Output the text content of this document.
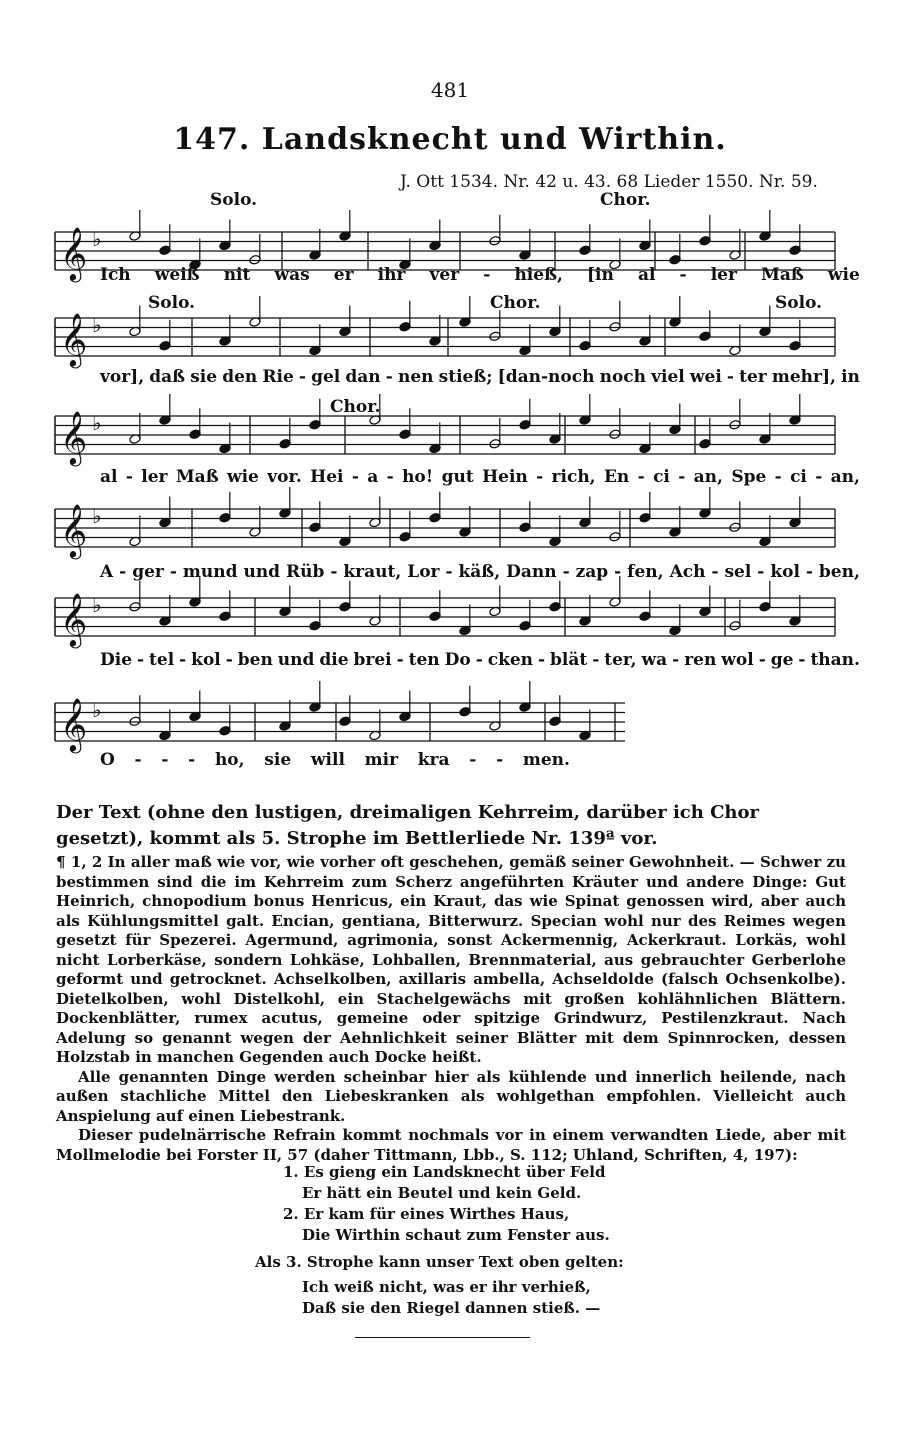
481
147. Landsknecht und Wirthin.
J. Ott 1534. Nr. 42 u. 43. 68 Lieder 1550. Nr. 59.
Solo.	Chor.
Solo.	Chor.	Solo.
Chor.
𝄞 ♭
𝄞 ♭
𝄞 ♭
𝄞 ♭
𝄞 ♭
𝄞 ♭
Ich weiß nit was er ihr ver - hieß, [in al - ler Maß wie
vor], daß sie den Rie - gel dan - nen stieß; [dan-noch noch viel wei - ter mehr], in
al - ler Maß wie vor. Hei - a - ho! gut Hein - rich, En - ci - an, Spe - ci - an,
A - ger - mund und Rüb - kraut, Lor - käß, Dann - zap - fen, Ach - sel - kol - ben,
Die - tel - kol - ben und die brei - ten Do - cken - blät - ter, wa - ren wol - ge - than.
O - - - ho, sie will mir kra - - men.
Der Text (ohne den lustigen, dreimaligen Kehrreim, darüber ich Chor gesetzt), kommt als 5. Strophe im Bettlerliede Nr. 139ª vor.

¶ 1, 2 In aller maß wie vor, wie vorher oft geschehen, gemäß seiner Gewohnheit. — Schwer zu bestimmen sind die im Kehrreim zum Scherz angeführten Kräuter und andere Dinge: Gut Heinrich, chnopodium bonus Henricus, ein Kraut, das wie Spinat genossen wird, aber auch als Kühlungsmittel galt. Encian, gentiana, Bitterwurz. Specian wohl nur des Reimes wegen gesetzt für Spezerei. Agermund, agrimonia, sonst Ackermennig, Ackerkraut. Lorkäs, wohl nicht Lorberkäse, sondern Lohkäse, Lohballen, Brennmaterial, aus gebrauchter Gerberlohe geformt und getrocknet. Achselkolben, axillaris ambella, Achseldolde (falsch Ochsenkolbe). Dietelkolben, wohl Distelkohl, ein Stachelgewächs mit großen kohlähnlichen Blättern. Dockenblätter, rumex acutus, gemeine oder spitzige Grindwurz, Pestilenzkraut. Nach Adelung so genannt wegen der Aehnlichkeit seiner Blätter mit dem Spinnrocken, dessen Holzstab in manchen Gegenden auch Docke heißt.

Alle genannten Dinge werden scheinbar hier als kühlende und innerlich heilende, nach außen stachliche Mittel den Liebeskranken als wohlgethan empfohlen. Vielleicht auch Anspielung auf einen Liebestrank.

Dieser pudelnärrische Refrain kommt nochmals vor in einem verwandten Liede, aber mit Mollmelodie bei Forster II, 57 (daher Tittmann, Lbb., S. 112; Uhland, Schriften, 4, 197):

1. Es gieng ein Landsknecht über Feld
Er hätt ein Beutel und kein Geld.
2. Er kam für eines Wirthes Haus,
Die Wirthin schaut zum Fenster aus.
Als 3. Strophe kann unser Text oben gelten:
Ich weiß nicht, was er ihr verhieß,
Daß sie den Riegel dannen stieß. —
